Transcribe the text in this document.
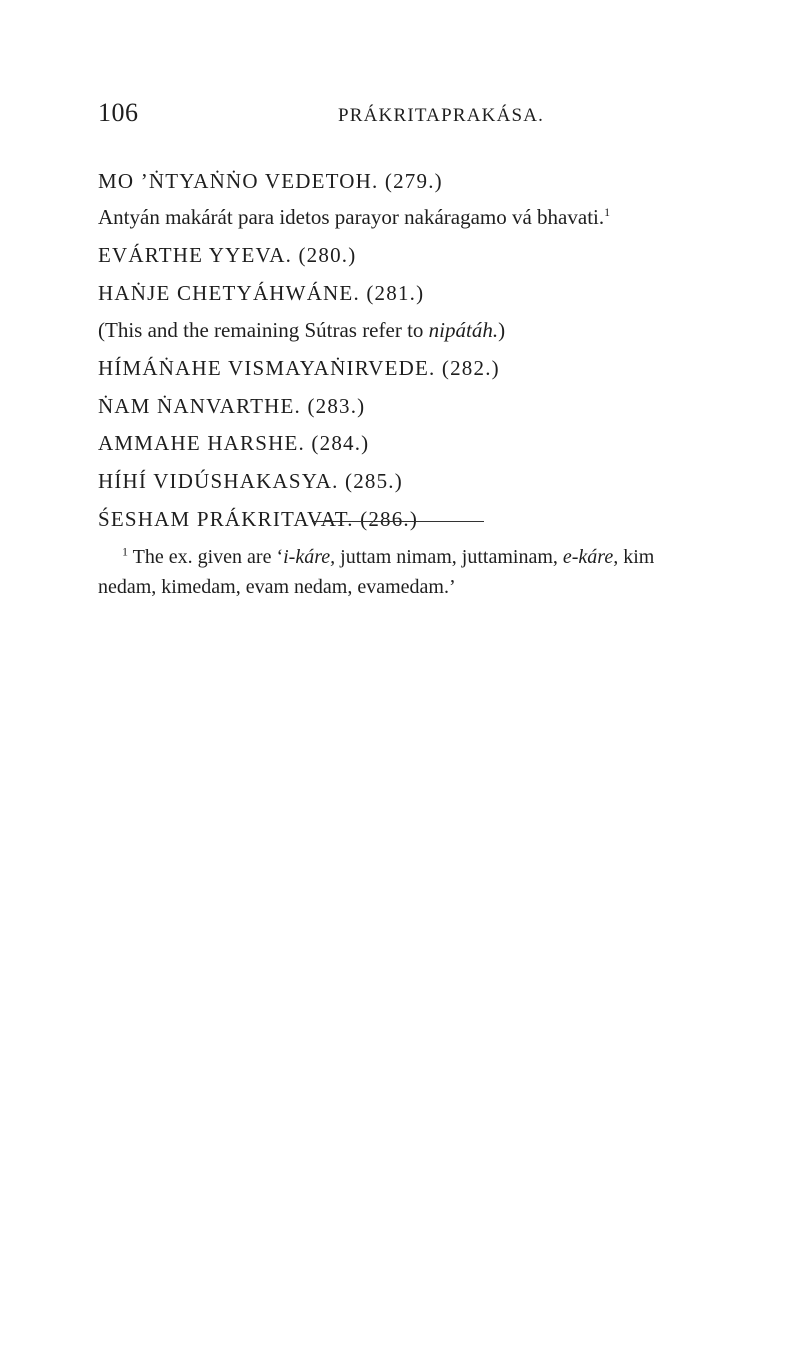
106	PRÁKRITAPRAKÁSA.
MO ’ṄTYAṄṄO VEDETOH. (279.)
Antyán makárát para idetos parayor nakáragamo vá bhavati.$^1$
EVÁRTHE YYEVA. (280.)
HAṄJE CHETYÁHWÁNE. (281.)
(This and the remaining Sútras refer to nipátáh.)
HÍMÁṄAHE VISMAYAṄIRVEDE. (282.)
ṄAM ṄANVARTHE. (283.)
AMMAHE HARSHE. (284.)
HÍHÍ VIDÚSHAKASYA. (285.)
ŚESHAM PRÁKRITAVAT. (286.)
$^1$ The ex. given are ‘i-káre, juttam nimam, juttaminam, e-káre, kim
nedam, kimedam, evam nedam, evamedam.’
